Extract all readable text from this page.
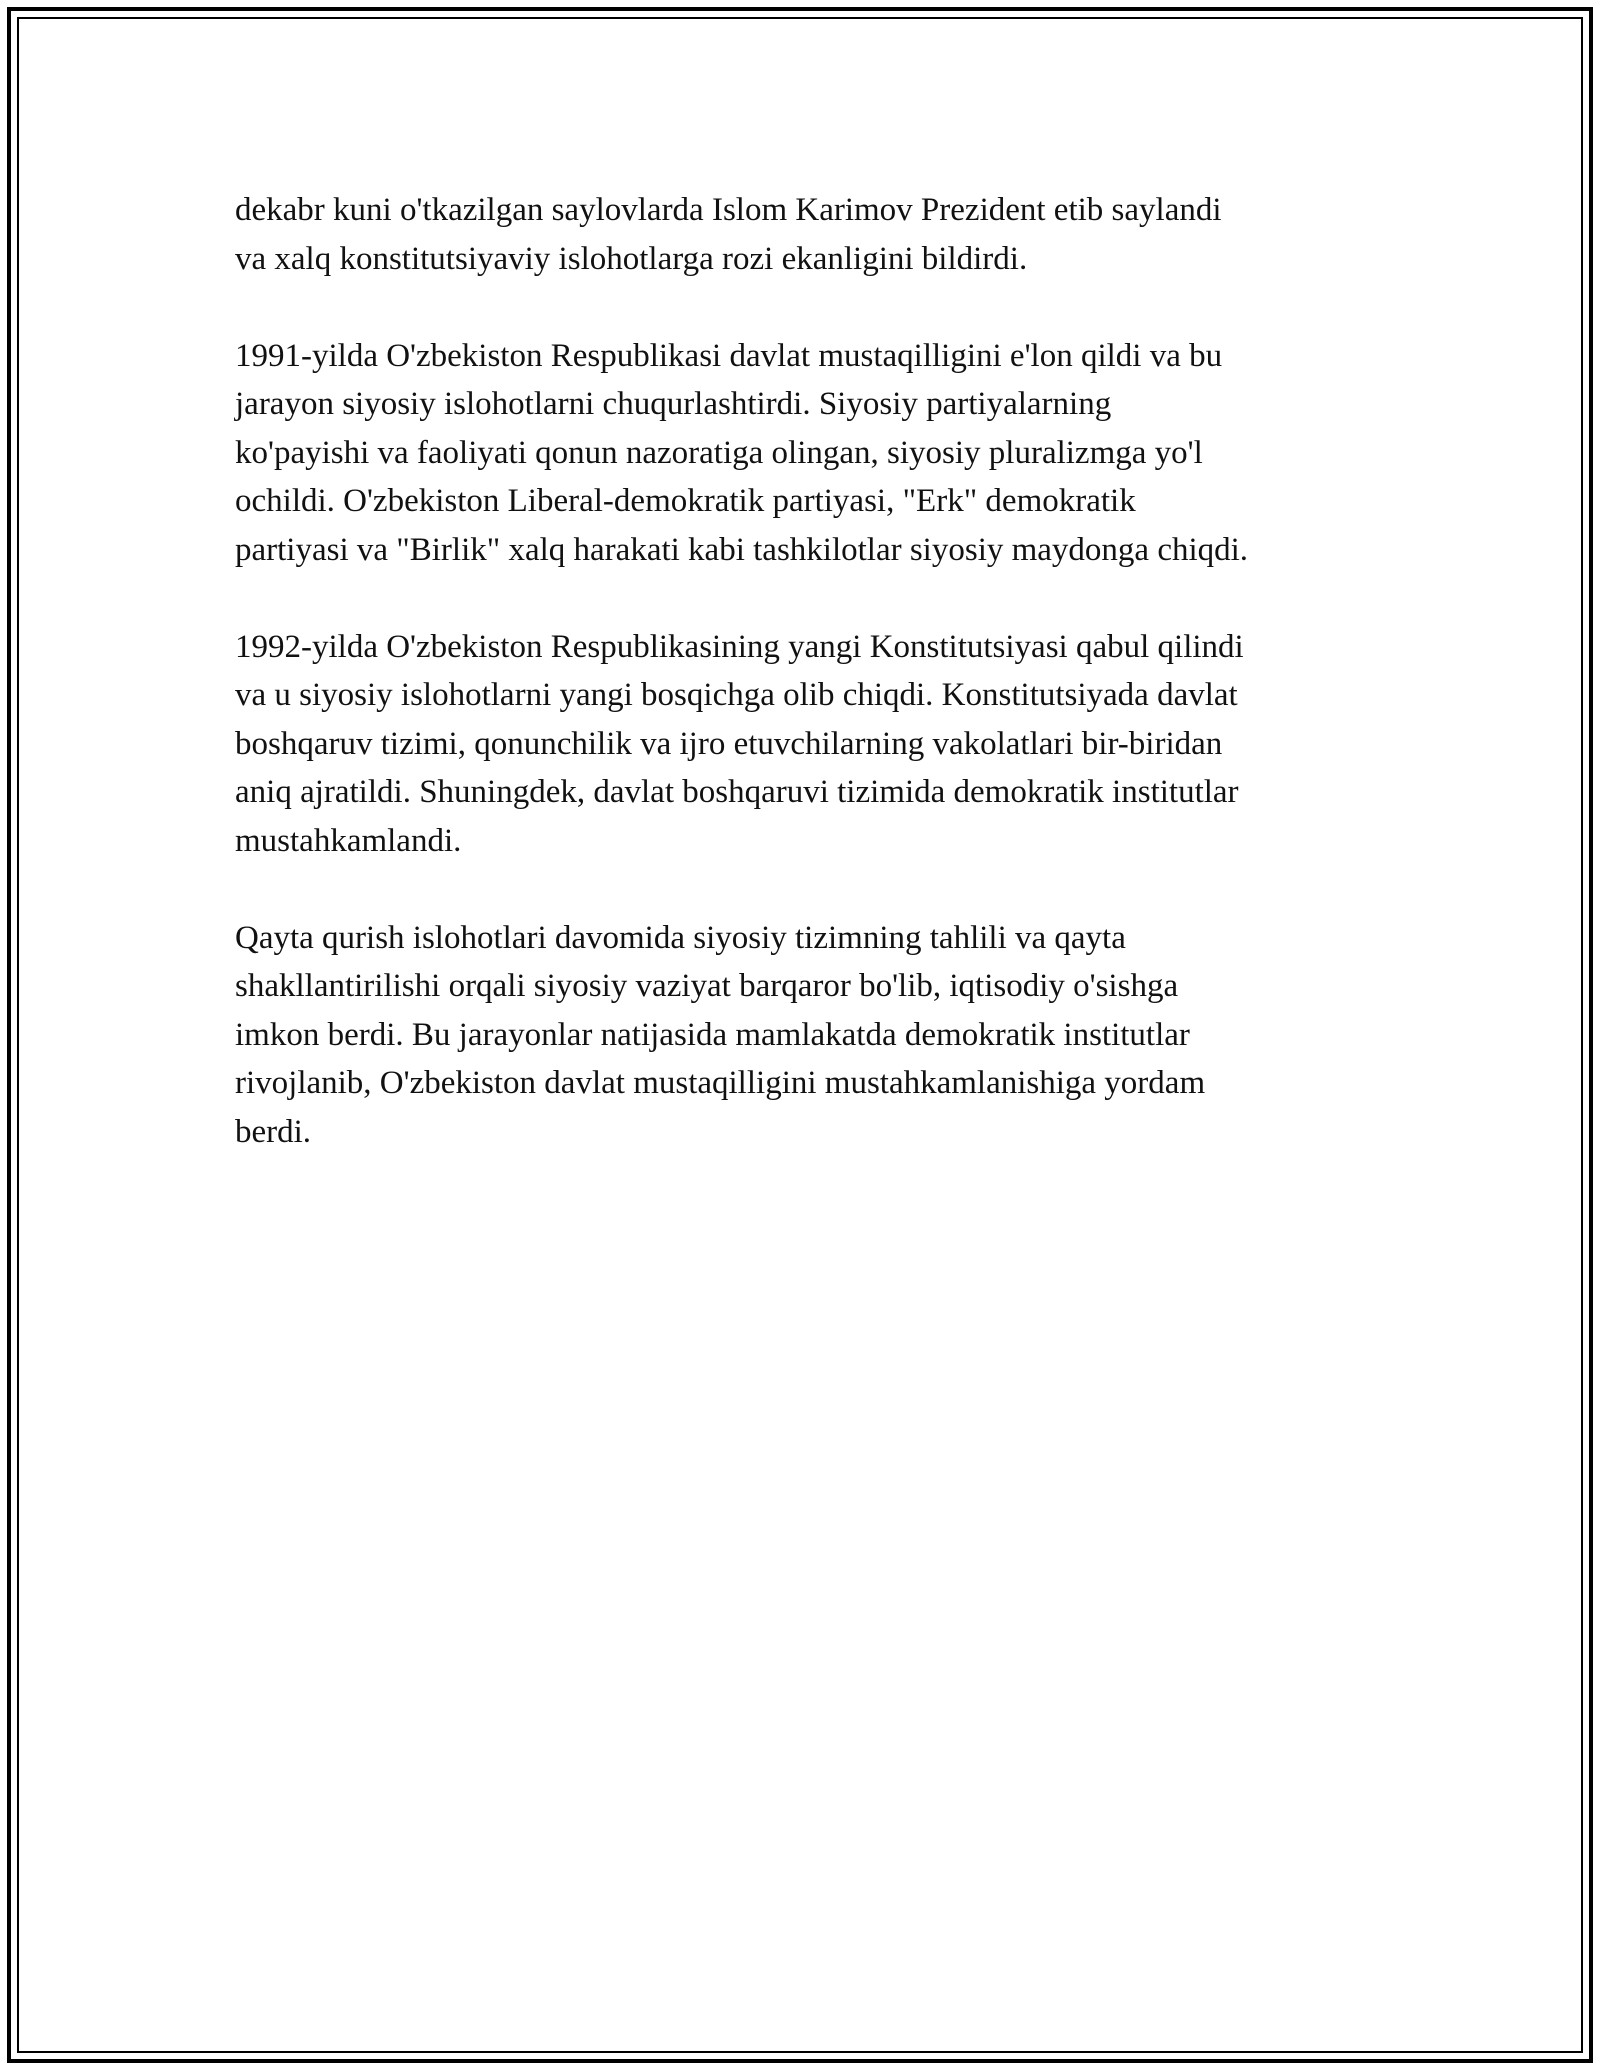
dekabr kuni o'tkazilgan saylovlarda Islom Karimov Prezident etib saylandi
va xalq konstitutsiyaviy islohotlarga rozi ekanligini bildirdi.

1991-yilda O'zbekiston Respublikasi davlat mustaqilligini e'lon qildi va bu
jarayon siyosiy islohotlarni chuqurlashtirdi. Siyosiy partiyalarning
ko'payishi va faoliyati qonun nazoratiga olingan, siyosiy pluralizmga yo'l
ochildi. O'zbekiston Liberal-demokratik partiyasi, "Erk" demokratik
partiyasi va "Birlik" xalq harakati kabi tashkilotlar siyosiy maydonga chiqdi.

1992-yilda O'zbekiston Respublikasining yangi Konstitutsiyasi qabul qilindi
va u siyosiy islohotlarni yangi bosqichga olib chiqdi. Konstitutsiyada davlat
boshqaruv tizimi, qonunchilik va ijro etuvchilarning vakolatlari bir-biridan
aniq ajratildi. Shuningdek, davlat boshqaruvi tizimida demokratik institutlar
mustahkamlandi.

Qayta qurish islohotlari davomida siyosiy tizimning tahlili va qayta
shakllantirilishi orqali siyosiy vaziyat barqaror bo'lib, iqtisodiy o'sishga
imkon berdi. Bu jarayonlar natijasida mamlakatda demokratik institutlar
rivojlanib, O'zbekiston davlat mustaqilligini mustahkamlanishiga yordam
berdi.
